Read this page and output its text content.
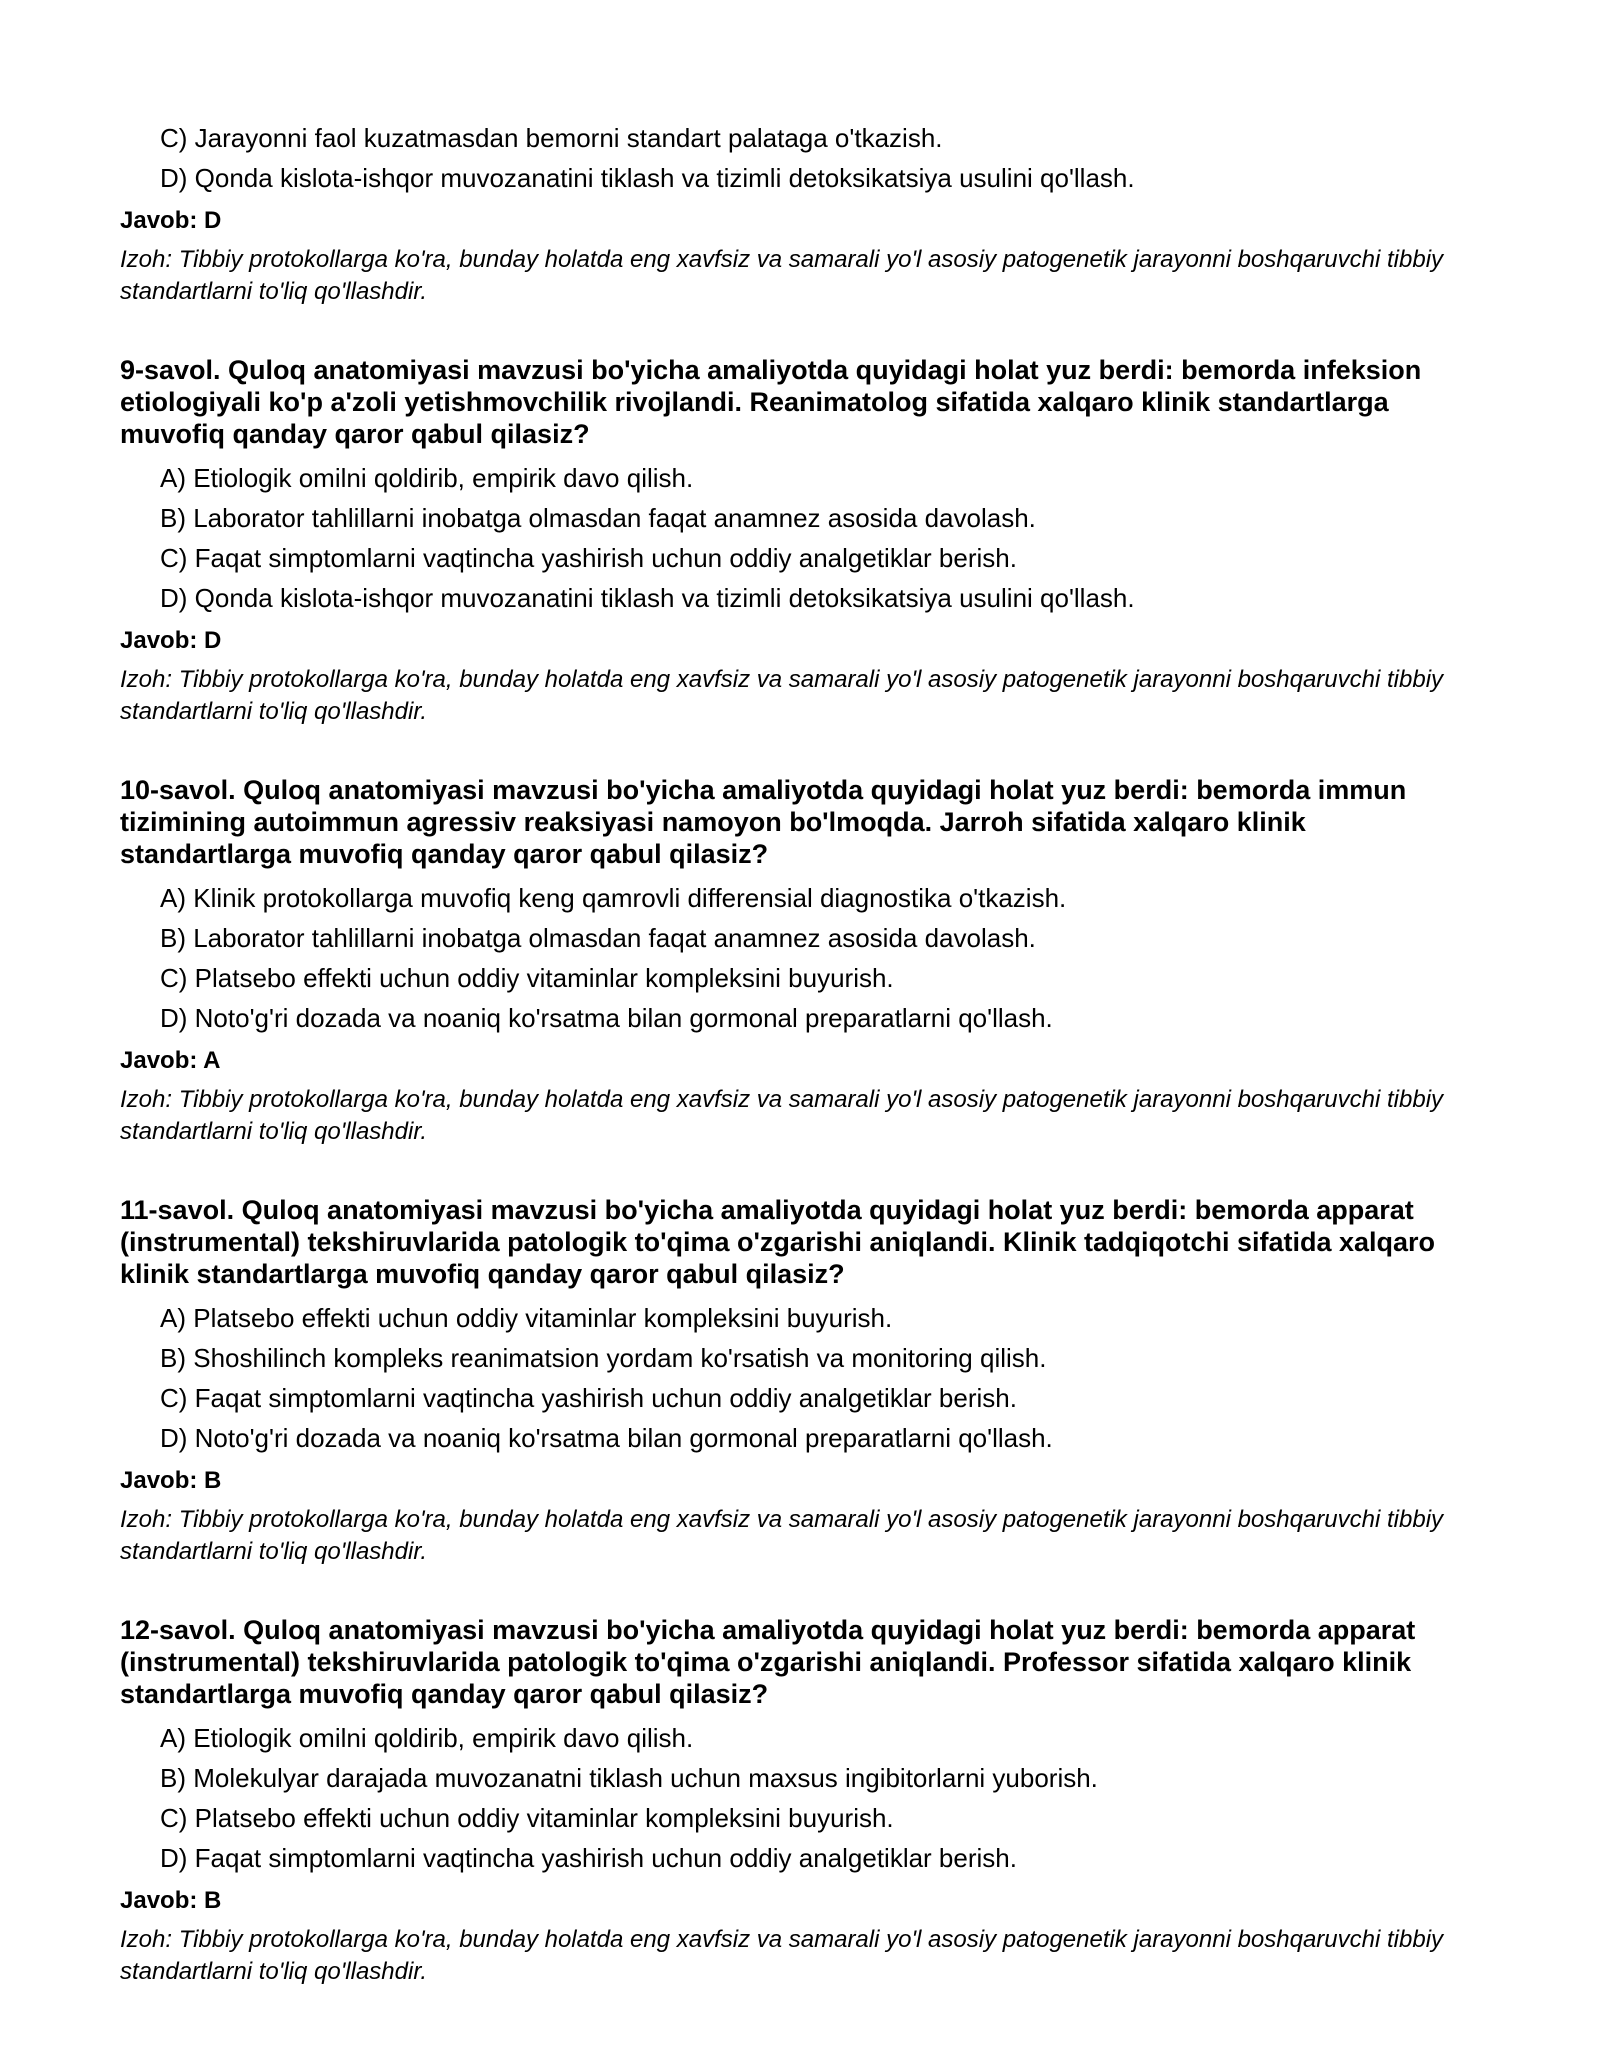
C) Jarayonni faol kuzatmasdan bemorni standart palataga o'tkazish.
D) Qonda kislota-ishqor muvozanatini tiklash va tizimli detoksikatsiya usulini qo'llash.
Javob: D
Izoh: Tibbiy protokollarga ko'ra, bunday holatda eng xavfsiz va samarali yo'l asosiy patogenetik jarayonni boshqaruvchi tibbiy standartlarni to'liq qo'llashdir.
9-savol. Quloq anatomiyasi mavzusi bo'yicha amaliyotda quyidagi holat yuz berdi: bemorda infeksion etiologiyali ko'p a'zoli yetishmovchilik rivojlandi. Reanimatolog sifatida xalqaro klinik standartlarga muvofiq qanday qaror qabul qilasiz?
A) Etiologik omilni qoldirib, empirik davo qilish.
B) Laborator tahlillarni inobatga olmasdan faqat anamnez asosida davolash.
C) Faqat simptomlarni vaqtincha yashirish uchun oddiy analgetiklar berish.
D) Qonda kislota-ishqor muvozanatini tiklash va tizimli detoksikatsiya usulini qo'llash.
Javob: D
Izoh: Tibbiy protokollarga ko'ra, bunday holatda eng xavfsiz va samarali yo'l asosiy patogenetik jarayonni boshqaruvchi tibbiy standartlarni to'liq qo'llashdir.
10-savol. Quloq anatomiyasi mavzusi bo'yicha amaliyotda quyidagi holat yuz berdi: bemorda immun tizimining autoimmun agressiv reaksiyasi namoyon bo'lmoqda. Jarroh sifatida xalqaro klinik standartlarga muvofiq qanday qaror qabul qilasiz?
A) Klinik protokollarga muvofiq keng qamrovli differensial diagnostika o'tkazish.
B) Laborator tahlillarni inobatga olmasdan faqat anamnez asosida davolash.
C) Platsebo effekti uchun oddiy vitaminlar kompleksini buyurish.
D) Noto'g'ri dozada va noaniq ko'rsatma bilan gormonal preparatlarni qo'llash.
Javob: A
Izoh: Tibbiy protokollarga ko'ra, bunday holatda eng xavfsiz va samarali yo'l asosiy patogenetik jarayonni boshqaruvchi tibbiy standartlarni to'liq qo'llashdir.
11-savol. Quloq anatomiyasi mavzusi bo'yicha amaliyotda quyidagi holat yuz berdi: bemorda apparat (instrumental) tekshiruvlarida patologik to'qima o'zgarishi aniqlandi. Klinik tadqiqotchi sifatida xalqaro klinik standartlarga muvofiq qanday qaror qabul qilasiz?
A) Platsebo effekti uchun oddiy vitaminlar kompleksini buyurish.
B) Shoshilinch kompleks reanimatsion yordam ko'rsatish va monitoring qilish.
C) Faqat simptomlarni vaqtincha yashirish uchun oddiy analgetiklar berish.
D) Noto'g'ri dozada va noaniq ko'rsatma bilan gormonal preparatlarni qo'llash.
Javob: B
Izoh: Tibbiy protokollarga ko'ra, bunday holatda eng xavfsiz va samarali yo'l asosiy patogenetik jarayonni boshqaruvchi tibbiy standartlarni to'liq qo'llashdir.
12-savol. Quloq anatomiyasi mavzusi bo'yicha amaliyotda quyidagi holat yuz berdi: bemorda apparat (instrumental) tekshiruvlarida patologik to'qima o'zgarishi aniqlandi. Professor sifatida xalqaro klinik standartlarga muvofiq qanday qaror qabul qilasiz?
A) Etiologik omilni qoldirib, empirik davo qilish.
B) Molekulyar darajada muvozanatni tiklash uchun maxsus ingibitorlarni yuborish.
C) Platsebo effekti uchun oddiy vitaminlar kompleksini buyurish.
D) Faqat simptomlarni vaqtincha yashirish uchun oddiy analgetiklar berish.
Javob: B
Izoh: Tibbiy protokollarga ko'ra, bunday holatda eng xavfsiz va samarali yo'l asosiy patogenetik jarayonni boshqaruvchi tibbiy standartlarni to'liq qo'llashdir.
